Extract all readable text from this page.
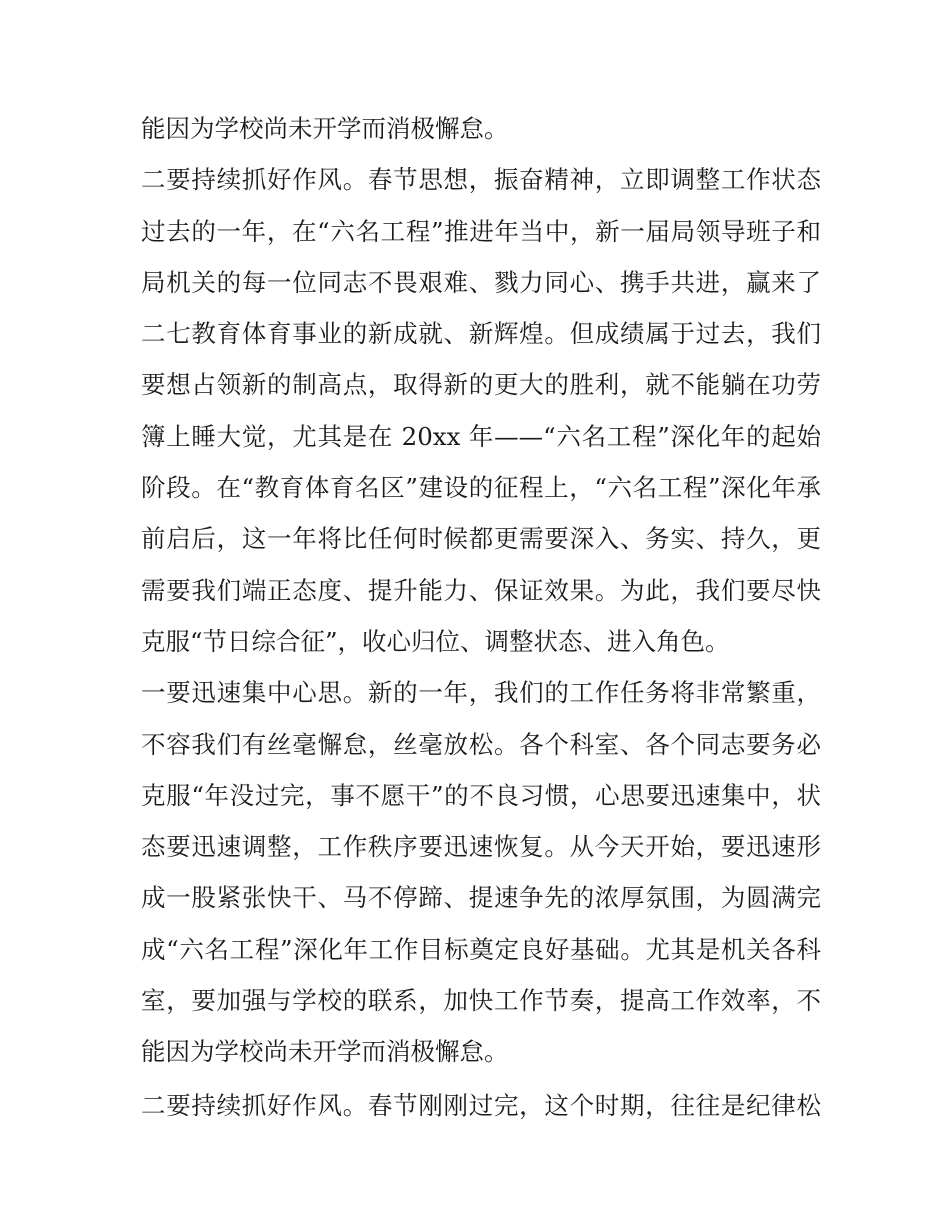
能因为学校尚未开学而消极懈怠。
二要持续抓好作风。春节思想，振奋精神，立即调整工作状态
过去的一年，在“六名工程”推进年当中，新一届局领导班子和
局机关的每一位同志不畏艰难、戮力同心、携手共进，赢来了
二七教育体育事业的新成就、新辉煌。但成绩属于过去，我们
要想占领新的制高点，取得新的更大的胜利，就不能躺在功劳
簿上睡大觉，尤其是在 20xx 年——“六名工程”深化年的起始
阶段。在“教育体育名区”建设的征程上，“六名工程”深化年承
前启后，这一年将比任何时候都更需要深入、务实、持久，更
需要我们端正态度、提升能力、保证效果。为此，我们要尽快
克服“节日综合征”，收心归位、调整状态、进入角色。
一要迅速集中心思。新的一年，我们的工作任务将非常繁重，
不容我们有丝毫懈怠，丝毫放松。各个科室、各个同志要务必
克服“年没过完，事不愿干”的不良习惯，心思要迅速集中，状
态要迅速调整，工作秩序要迅速恢复。从今天开始，要迅速形
成一股紧张快干、马不停蹄、提速争先的浓厚氛围，为圆满完
成“六名工程”深化年工作目标奠定良好基础。尤其是机关各科
室，要加强与学校的联系，加快工作节奏，提高工作效率，不
能因为学校尚未开学而消极懈怠。
二要持续抓好作风。春节刚刚过完，这个时期，往往是纪律松
